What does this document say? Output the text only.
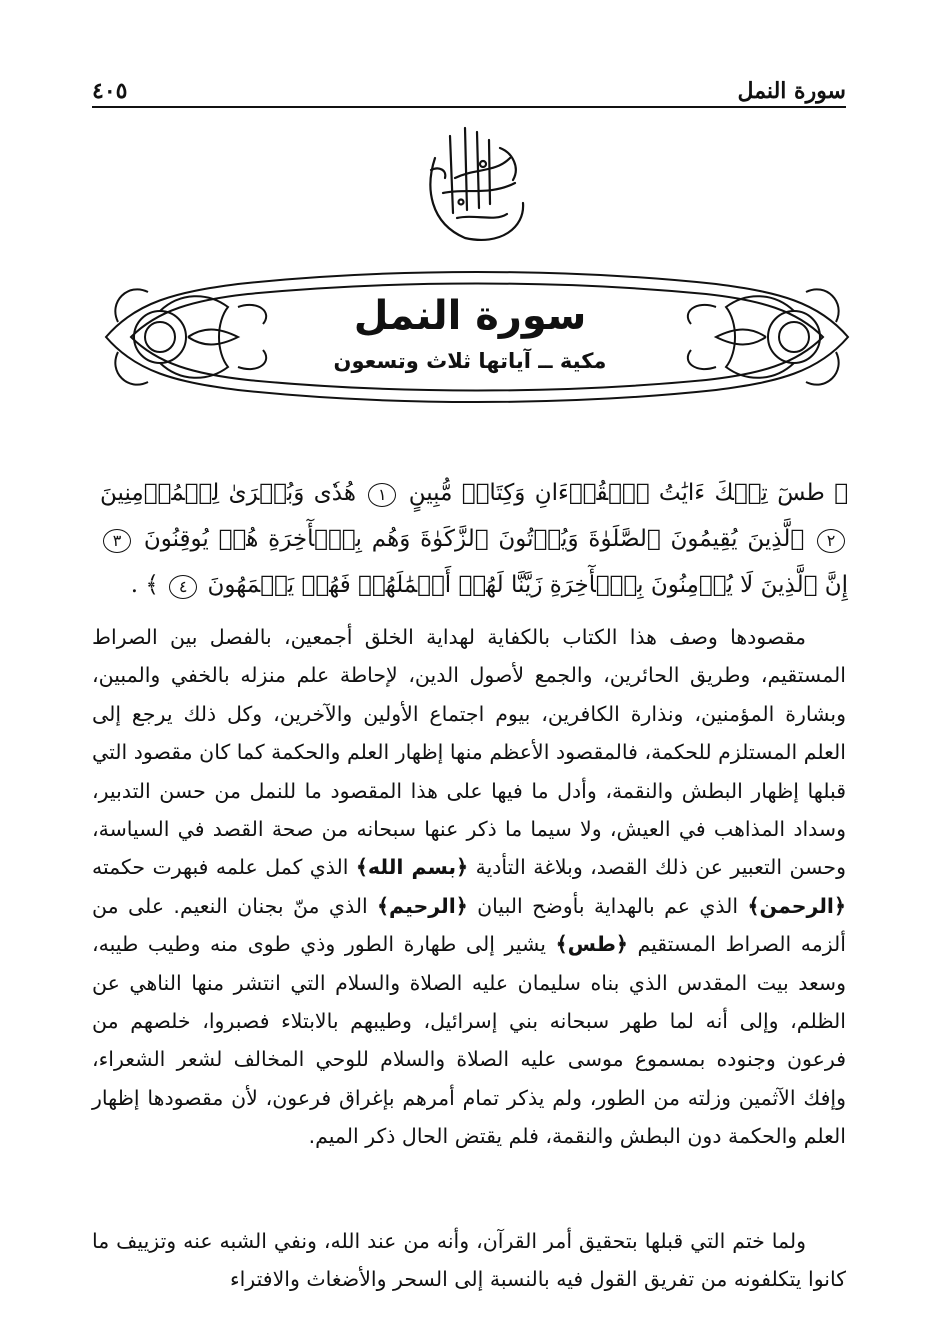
سورة النمل
٤٠٥
سورة النمل
مكية ــ آياتها ثلاث وتسعون
﴿ طسٓ تِلۡكَ ءَايَٰتُ ٱلۡقُرۡءَانِ وَكِتَابٖ مُّبِينٍ ١ هُدٗى وَبُشۡرَىٰ لِلۡمُؤۡمِنِينَ ٢ ٱلَّذِينَ يُقِيمُونَ ٱلصَّلَوٰةَ وَيُؤۡتُونَ ٱلزَّكَوٰةَ وَهُم بِٱلۡأٓخِرَةِ هُمۡ يُوقِنُونَ ٣ إِنَّ ٱلَّذِينَ لَا يُؤۡمِنُونَ بِٱلۡأٓخِرَةِ زَيَّنَّا لَهُمۡ أَعۡمَٰلَهُمۡ فَهُمۡ يَعۡمَهُونَ ٤ ﴾ .
مقصودها وصف هذا الكتاب بالكفاية لهداية الخلق أجمعين، بالفصل بين الصراط المستقيم، وطريق الحائرين، والجمع لأصول الدين، لإحاطة علم منزله بالخفي والمبين، وبشارة المؤمنين، ونذارة الكافرين، بيوم اجتماع الأولين والآخرين، وكل ذلك يرجع إلى العلم المستلزم للحكمة، فالمقصود الأعظم منها إظهار العلم والحكمة كما كان مقصود التي قبلها إظهار البطش والنقمة، وأدل ما فيها على هذا المقصود ما للنمل من حسن التدبير، وسداد المذاهب في العيش، ولا سيما ما ذكر عنها سبحانه من صحة القصد في السياسة، وحسن التعبير عن ذلك القصد، وبلاغة التأدية ﴿بسم الله﴾ الذي كمل علمه فبهرت حكمته ﴿الرحمن﴾ الذي عم بالهداية بأوضح البيان ﴿الرحيم﴾ الذي منّ بجنان النعيم. على من ألزمه الصراط المستقيم ﴿طس﴾ يشير إلى طهارة الطور وذي طوى منه وطيب طيبه، وسعد بيت المقدس الذي بناه سليمان عليه الصلاة والسلام التي انتشر منها الناهي عن الظلم، وإلى أنه لما طهر سبحانه بني إسرائيل، وطيبهم بالابتلاء فصبروا، خلصهم من فرعون وجنوده بمسموع موسى عليه الصلاة والسلام للوحي المخالف لشعر الشعراء، وإفك الآثمين وزلته من الطور، ولم يذكر تمام أمرهم بإغراق فرعون، لأن مقصودها إظهار العلم والحكمة دون البطش والنقمة، فلم يقتض الحال ذكر الميم.
ولما ختم التي قبلها بتحقيق أمر القرآن، وأنه من عند الله، ونفي الشبه عنه وتزييف ما كانوا يتكلفونه من تفريق القول فيه بالنسبة إلى السحر والأضغاث والافتراء
